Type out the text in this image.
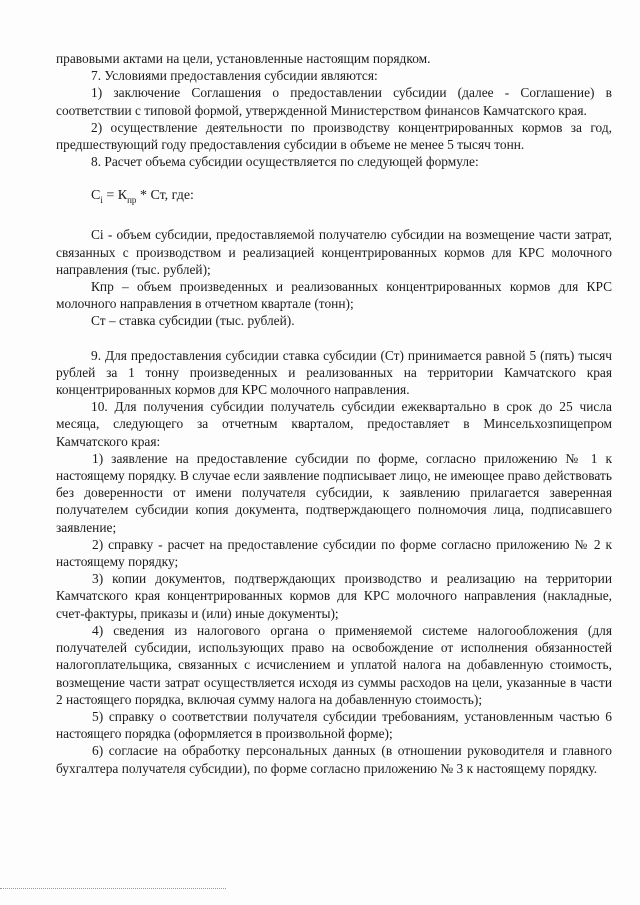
правовыми актами на цели, установленные настоящим порядком.

7. Условиями предоставления субсидии являются:

1) заключение Соглашения о предоставлении субсидии (далее - Соглашение) в соответствии с типовой формой, утвержденной Министерством финансов Камчатского края.

2) осуществление деятельности по производству концентрированных кормов за год, предшествующий году предоставления субсидии в объеме не менее 5 тысяч тонн.

8. Расчет объема субсидии осуществляется по следующей формуле:

$С_i = К_{пр}$ * Ст, где:

Сi - объем субсидии, предоставляемой получателю субсидии на возмещение части затрат, связанных с производством и реализацией концентрированных кормов для КРС молочного направления (тыс. рублей);

Кпр – объем произведенных и реализованных концентрированных кормов для КРС молочного направления в отчетном квартале (тонн);

Ст – ставка субсидии (тыс. рублей).

9. Для предоставления субсидии ставка субсидии (Ст) принимается равной 5 (пять) тысяч рублей за 1 тонну произведенных и реализованных на территории Камчатского края концентрированных кормов для КРС молочного направления.

10. Для получения субсидии получатель субсидии ежеквартально в срок до 25 числа месяца, следующего за отчетным кварталом, предоставляет в Минсельхозпищепром Камчатского края:

1) заявление на предоставление субсидии по форме, согласно приложению № 1 к настоящему порядку. В случае если заявление подписывает лицо, не имеющее право действовать без доверенности от имени получателя субсидии, к заявлению прилагается заверенная получателем субсидии копия документа, подтверждающего полномочия лица, подписавшего заявление;

2) справку - расчет на предоставление субсидии по форме согласно приложению № 2 к настоящему порядку;

3) копии документов, подтверждающих производство и реализацию на территории Камчатского края концентрированных кормов для КРС молочного направления (накладные, счет-фактуры, приказы и (или) иные документы);

4) сведения из налогового органа о применяемой системе налогообложения (для получателей субсидии, использующих право на освобождение от исполнения обязанностей налогоплательщика, связанных с исчислением и уплатой налога на добавленную стоимость, возмещение части затрат осуществляется исходя из суммы расходов на цели, указанные в части 2 настоящего порядка, включая сумму налога на добавленную стоимость);

5) справку о соответствии получателя субсидии требованиям, установленным частью 6 настоящего порядка (оформляется в произвольной форме);

6) согласие на обработку персональных данных (в отношении руководителя и главного бухгалтера получателя субсидии), по форме согласно приложению № 3 к настоящему порядку.
